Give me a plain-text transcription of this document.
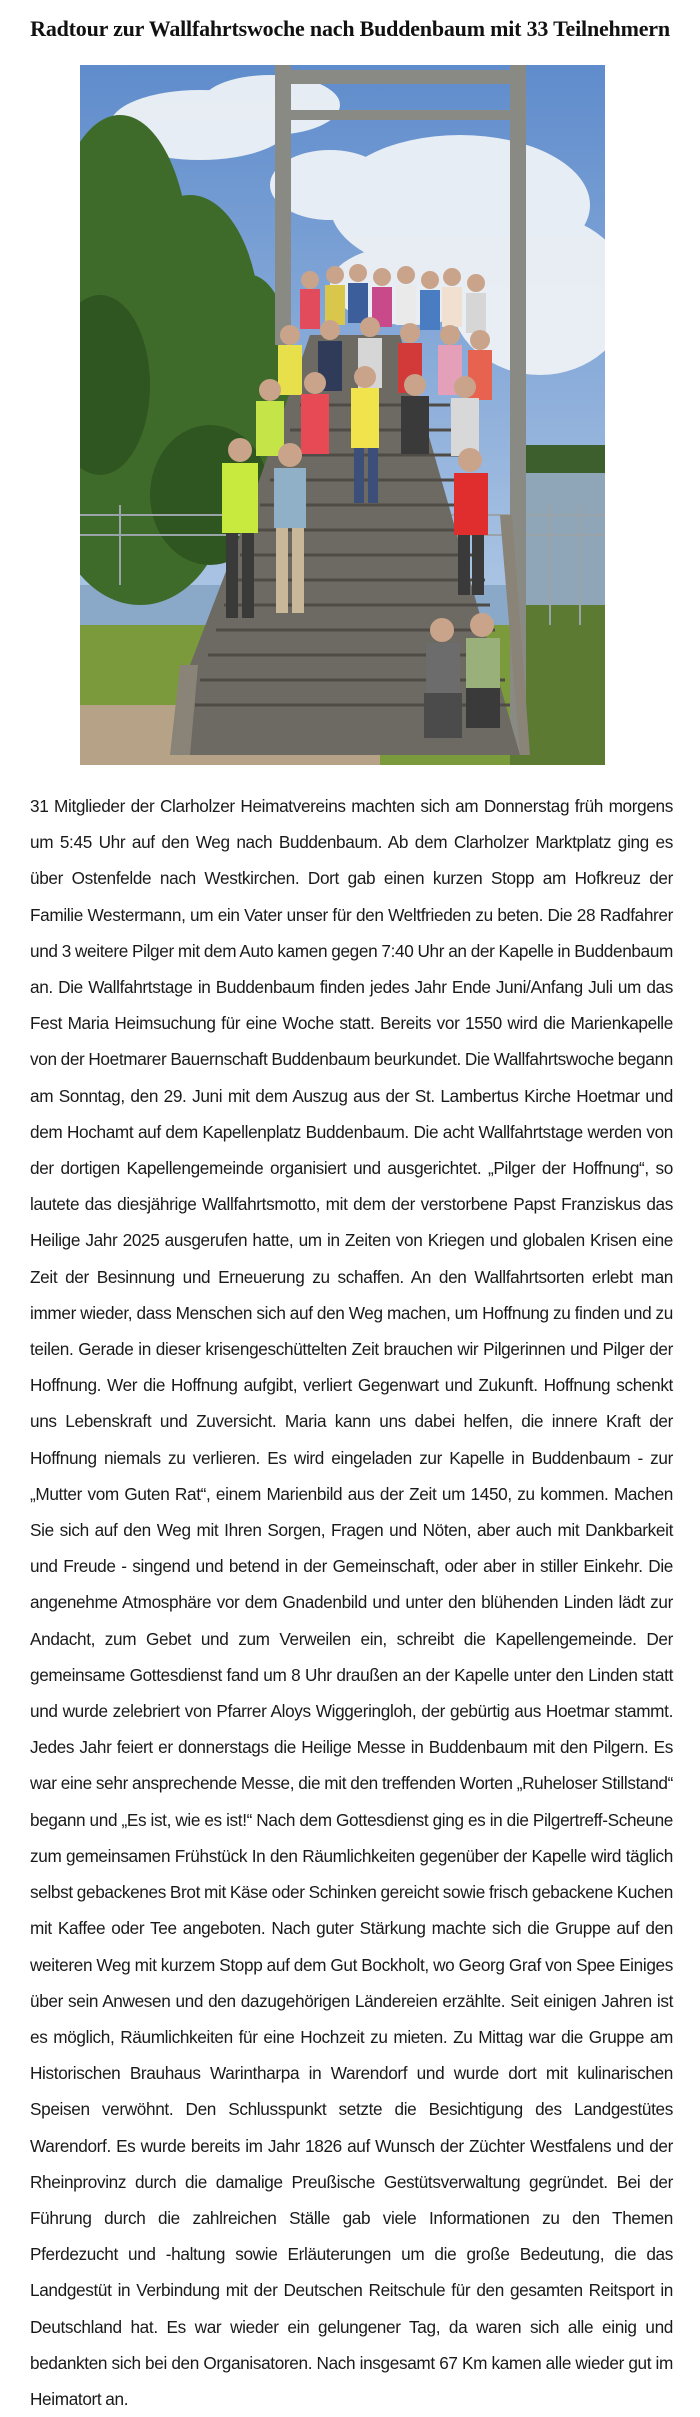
Radtour zur Wallfahrtswoche nach Buddenbaum mit 33 Teilnehmern

31 Mitglieder der Clarholzer Heimatvereins machten sich am Donnerstag früh morgens um 5:45 Uhr auf den Weg nach Buddenbaum. Ab dem Clarholzer Marktplatz ging es über Ostenfelde nach Westkirchen. Dort gab einen kurzen Stopp am Hofkreuz der Familie Westermann, um ein Vater unser für den Weltfrieden zu beten. Die 28 Radfahrer und 3 weitere Pilger mit dem Auto kamen gegen 7:40 Uhr an der Kapelle in Buddenbaum an. Die Wallfahrtstage in Buddenbaum finden jedes Jahr Ende Juni/Anfang Juli um das Fest Maria Heimsuchung für eine Woche statt. Bereits vor 1550 wird die Marienkapelle von der Hoetmarer Bauernschaft Buddenbaum beurkundet. Die Wallfahrtswoche begann am Sonntag, den 29. Juni mit dem Auszug aus der St. Lambertus Kirche Hoetmar und dem Hochamt auf dem Kapellenplatz Buddenbaum. Die acht Wallfahrtstage werden von der dortigen Kapellengemeinde organisiert und ausgerichtet. „Pilger der Hoffnung“, so lautete das diesjährige Wallfahrtsmotto, mit dem der verstorbene Papst Franziskus das Heilige Jahr 2025 ausgerufen hatte, um in Zeiten von Kriegen und globalen Krisen eine Zeit der Besinnung und Erneuerung zu schaffen. An den Wallfahrtsorten erlebt man immer wieder, dass Menschen sich auf den Weg machen, um Hoffnung zu finden und zu teilen. Gerade in dieser krisengeschüttelten Zeit brauchen wir Pilgerinnen und Pilger der Hoffnung. Wer die Hoffnung aufgibt, verliert Gegenwart und Zukunft. Hoffnung schenkt uns Lebenskraft und Zuversicht. Maria kann uns dabei helfen, die innere Kraft der Hoffnung niemals zu verlieren. Es wird eingeladen zur Kapelle in Buddenbaum - zur „Mutter vom Guten Rat“, einem Marienbild aus der Zeit um 1450, zu kommen. Machen Sie sich auf den Weg mit Ihren Sorgen, Fragen und Nöten, aber auch mit Dankbarkeit und Freude - singend und betend in der Gemeinschaft, oder aber in stiller Einkehr. Die angenehme Atmosphäre vor dem Gnadenbild und unter den blühenden Linden lädt zur Andacht, zum Gebet und zum Verweilen ein, schreibt die Kapellengemeinde. Der gemeinsame Gottesdienst fand um 8 Uhr draußen an der Kapelle unter den Linden statt und wurde zelebriert von Pfarrer Aloys Wiggeringloh, der gebürtig aus Hoetmar stammt. Jedes Jahr feiert er donnerstags die Heilige Messe in Buddenbaum mit den Pilgern. Es war eine sehr ansprechende Messe, die mit den treffenden Worten „Ruheloser Stillstand“ begann und „Es ist, wie es ist!“ Nach dem Gottesdienst ging es in die Pilgertreff-Scheune zum gemeinsamen Frühstück In den Räumlichkeiten gegenüber der Kapelle wird täglich selbst gebackenes Brot mit Käse oder Schinken gereicht sowie frisch gebackene Kuchen mit Kaffee oder Tee angeboten. Nach guter Stärkung machte sich die Gruppe auf den weiteren Weg mit kurzem Stopp auf dem Gut Bockholt, wo Georg Graf von Spee Einiges über sein Anwesen und den dazugehörigen Ländereien erzählte. Seit einigen Jahren ist es möglich, Räumlichkeiten für eine Hochzeit zu mieten. Zu Mittag war die Gruppe am Historischen Brauhaus Warintharpa in Warendorf und wurde dort mit kulinarischen Speisen verwöhnt. Den Schlusspunkt setzte die Besichtigung des Landgestütes Warendorf. Es wurde bereits im Jahr 1826 auf Wunsch der Züchter Westfalens und der Rheinprovinz durch die damalige Preußische Gestütsverwaltung gegründet. Bei der Führung durch die zahlreichen Ställe gab viele Informationen zu den Themen Pferdezucht und -haltung sowie Erläuterungen um die große Bedeutung, die das Landgestüt in Verbindung mit der Deutschen Reitschule für den gesamten Reitsport in Deutschland hat. Es war wieder ein gelungener Tag, da waren sich alle einig und bedankten sich bei den Organisatoren. Nach insgesamt 67 Km kamen alle wieder gut im Heimatort an.
